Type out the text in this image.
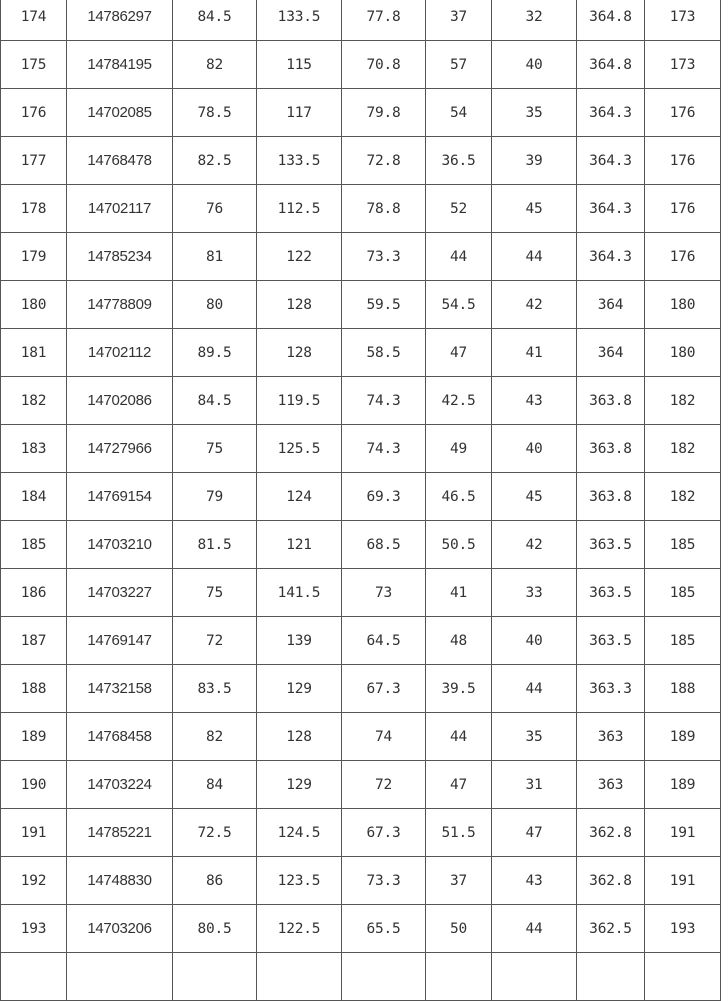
174	14786297	84.5	133.5	77.8	37	32	364.8	173
175	14784195	82	115	70.8	57	40	364.8	173
176	14702085	78.5	117	79.8	54	35	364.3	176
177	14768478	82.5	133.5	72.8	36.5	39	364.3	176
178	14702117	76	112.5	78.8	52	45	364.3	176
179	14785234	81	122	73.3	44	44	364.3	176
180	14778809	80	128	59.5	54.5	42	364	180
181	14702112	89.5	128	58.5	47	41	364	180
182	14702086	84.5	119.5	74.3	42.5	43	363.8	182
183	14727966	75	125.5	74.3	49	40	363.8	182
184	14769154	79	124	69.3	46.5	45	363.8	182
185	14703210	81.5	121	68.5	50.5	42	363.5	185
186	14703227	75	141.5	73	41	33	363.5	185
187	14769147	72	139	64.5	48	40	363.5	185
188	14732158	83.5	129	67.3	39.5	44	363.3	188
189	14768458	82	128	74	44	35	363	189
190	14703224	84	129	72	47	31	363	189
191	14785221	72.5	124.5	67.3	51.5	47	362.8	191
192	14748830	86	123.5	73.3	37	43	362.8	191
193	14703206	80.5	122.5	65.5	50	44	362.5	193
